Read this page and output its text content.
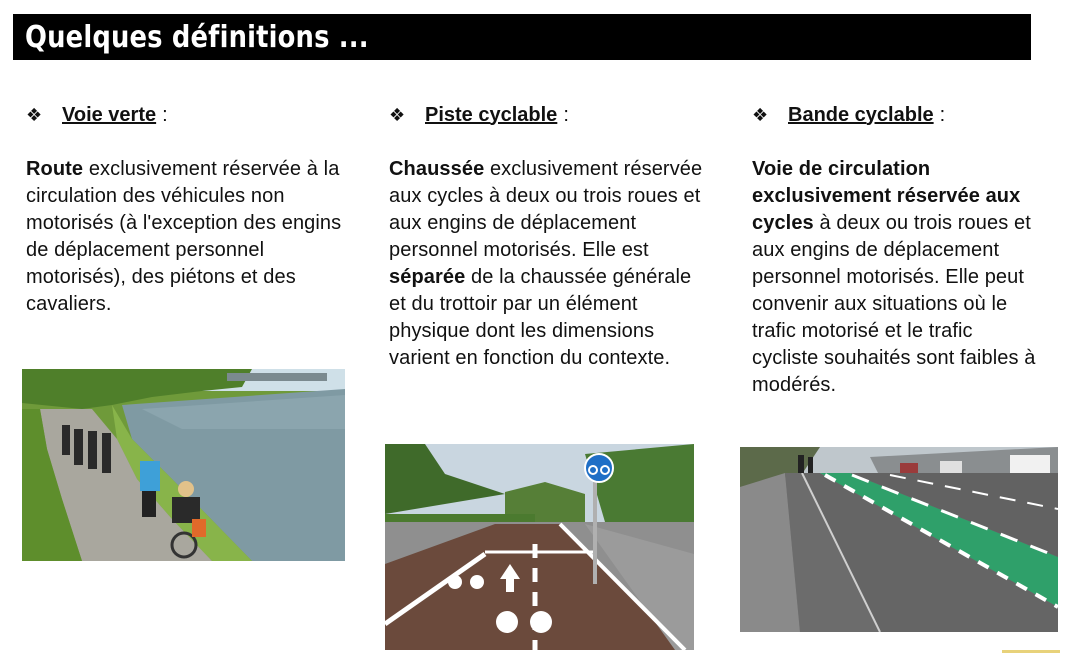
Quelques définitions ...
❖ Voie verte :
Route exclusivement réservée à la circulation des véhicules non motorisés (à l'exception des engins de déplacement personnel motorisés), des piétons et des cavaliers.
❖ Piste cyclable :
Chaussée exclusivement réservée aux cycles à deux ou trois roues et aux engins de déplacement personnel motorisés. Elle est séparée de la chaussée générale et du trottoir par un élément physique dont les dimensions varient en fonction du contexte.
❖ Bande cyclable :
Voie de circulation exclusivement réservée aux cycles à deux ou trois roues et aux engins de déplacement personnel motorisés. Elle peut convenir aux situations où le trafic motorisé et le trafic cycliste souhaités sont faibles à modérés.
